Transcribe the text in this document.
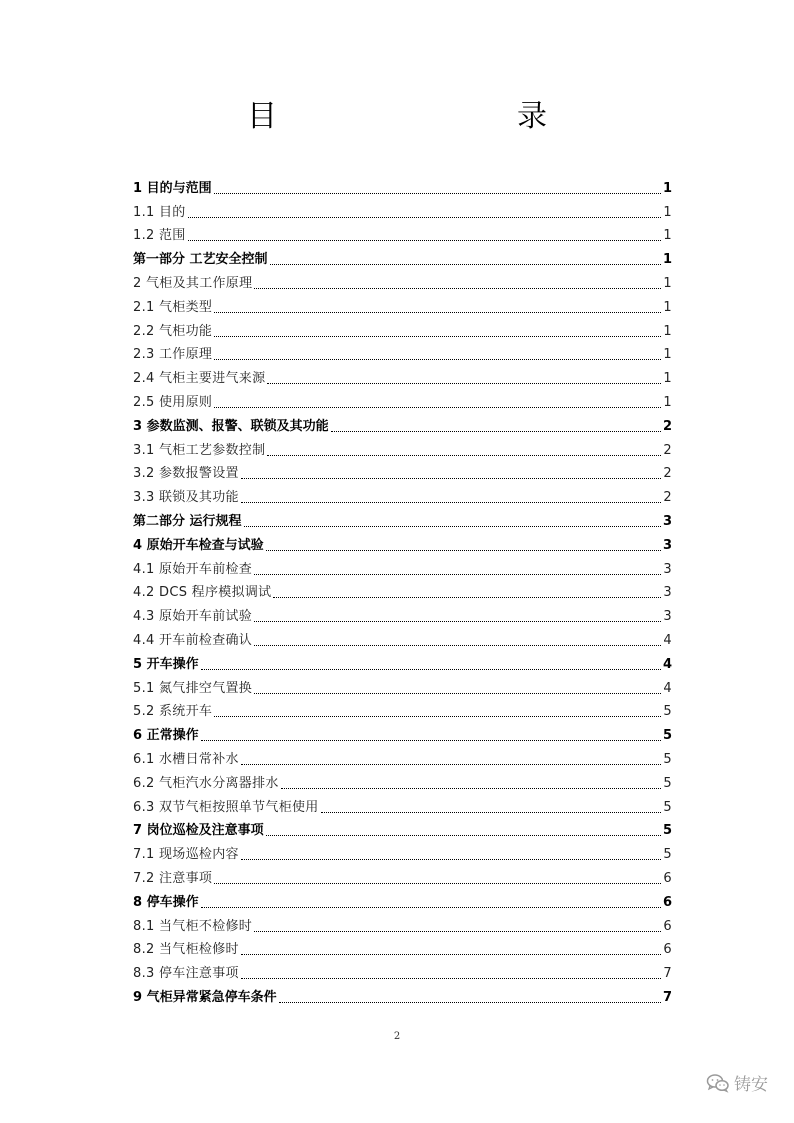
目　　录
1 目的与范围	1
1.1 目的	1
1.2 范围	1
第一部分 工艺安全控制	1
2 气柜及其工作原理	1
2.1 气柜类型	1
2.2 气柜功能	1
2.3 工作原理	1
2.4 气柜主要进气来源	1
2.5 使用原则	1
3 参数监测、报警、联锁及其功能	2
3.1 气柜工艺参数控制	2
3.2 参数报警设置	2
3.3 联锁及其功能	2
第二部分 运行规程	3
4 原始开车检查与试验	3
4.1 原始开车前检查	3
4.2 DCS 程序模拟调试	3
4.3 原始开车前试验	3
4.4 开车前检查确认	4
5 开车操作	4
5.1 氮气排空气置换	4
5.2 系统开车	5
6 正常操作	5
6.1 水槽日常补水	5
6.2 气柜汽水分离器排水	5
6.3 双节气柜按照单节气柜使用	5
7 岗位巡检及注意事项	5
7.1 现场巡检内容	5
7.2 注意事项	6
8 停车操作	6
8.1 当气柜不检修时	6
8.2 当气柜检修时	6
8.3 停车注意事项	7
9 气柜异常紧急停车条件	7
2
铸安
